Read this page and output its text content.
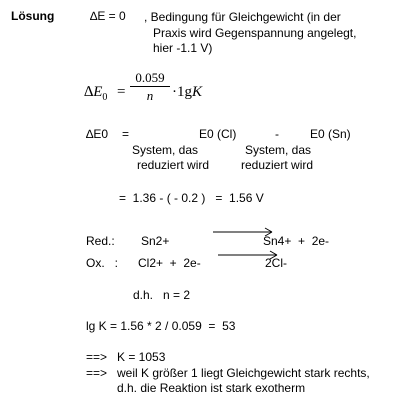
Lösung	∆E = 0 , Bedingung für Gleichgewicht (in der
Praxis wird Gegenspannung angelegt,
hier -1.1 V)
$\Delta E_0$ =
0.059
n	·1gK
∆E0 =	E0 (Cl)	-	E0 (Sn)
System, das
reduziert wird
System, das
reduziert wird
=  1.36 - ( - 0.2 )   =  1.56 V
Red.: Sn2+	Sn4+  +  2e-
Ox.   : Cl2+  +  2e-	2Cl-
d.h.   n = 2
lg K = 1.56 * 2 / 0.059  =  53
==> K = 1053
==> weil K größer 1 liegt Gleichgewicht stark rechts,
d.h. die Reaktion ist stark exotherm
